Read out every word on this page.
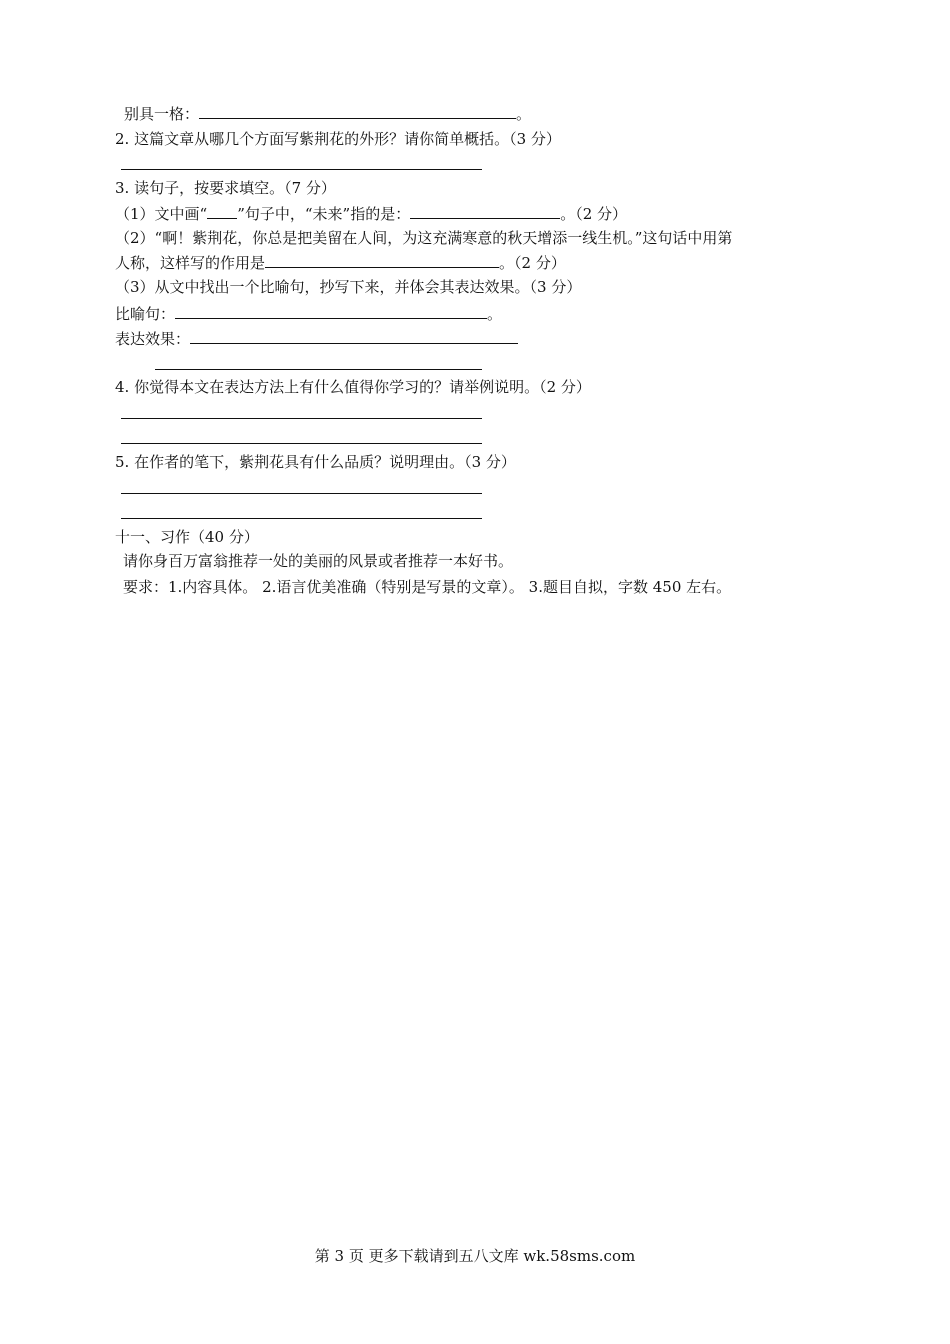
别具一格：	。
2. 这篇文章从哪几个方面写紫荆花的外形？请你简单概括。（3 分）
3. 读句子，按要求填空。（7 分）
（1）文中画“ ”句子中，“未来”指的是：	。（2 分）
（2）“啊！紫荆花，你总是把美留在人间，为这充满寒意的秋天增添一线生机。”这句话中用第
人称，这样写的作用是	。（2 分）
（3）从文中找出一个比喻句，抄写下来，并体会其表达效果。（3 分）
比喻句：	。
表达效果：
4. 你觉得本文在表达方法上有什么值得你学习的？请举例说明。（2 分）
5. 在作者的笔下，紫荆花具有什么品质？说明理由。（3 分）
十一、习作（40 分）
请你身百万富翁推荐一处的美丽的风景或者推荐一本好书。
要求：1.内容具体。 2.语言优美准确（特别是写景的文章）。 3.题目自拟，字数 450 左右。
第 3 页 更多下载请到五八文库 wk.58sms.com
